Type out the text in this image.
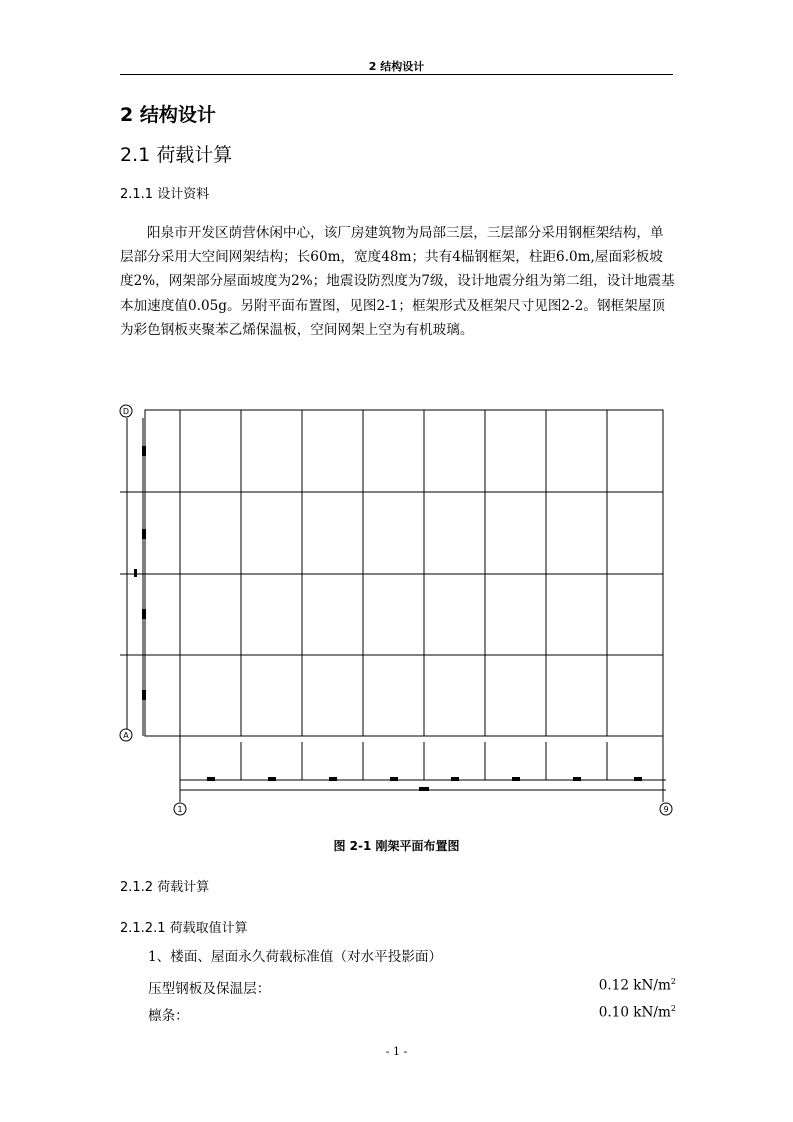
2 结构设计
2 结构设计
2.1 荷载计算
2.1.1 设计资料
阳泉市开发区荫营休闲中心，该厂房建筑物为局部三层，三层部分采用钢框架结构，单层部分采用大空间网架结构；长60m，宽度48m；共有4榀钢框架，柱距6.0m,屋面彩板坡度2%，网架部分屋面坡度为2%；地震设防烈度为7级，设计地震分组为第二组，设计地震基本加速度值0.05g。另附平面布置图，见图2-1；框架形式及框架尺寸见图2-2。钢框架屋顶为彩色钢板夹聚苯乙烯保温板，空间网架上空为有机玻璃。
D
A
1	9
图 2-1 刚架平面布置图
2.1.2 荷载计算
2.1.2.1 荷载取值计算
1、楼面、屋面永久荷载标准值（对水平投影面）
压型钢板及保温层：	0.12 $kN/m^2$
檩条：	0.10 $kN/m^2$
- 1 -
